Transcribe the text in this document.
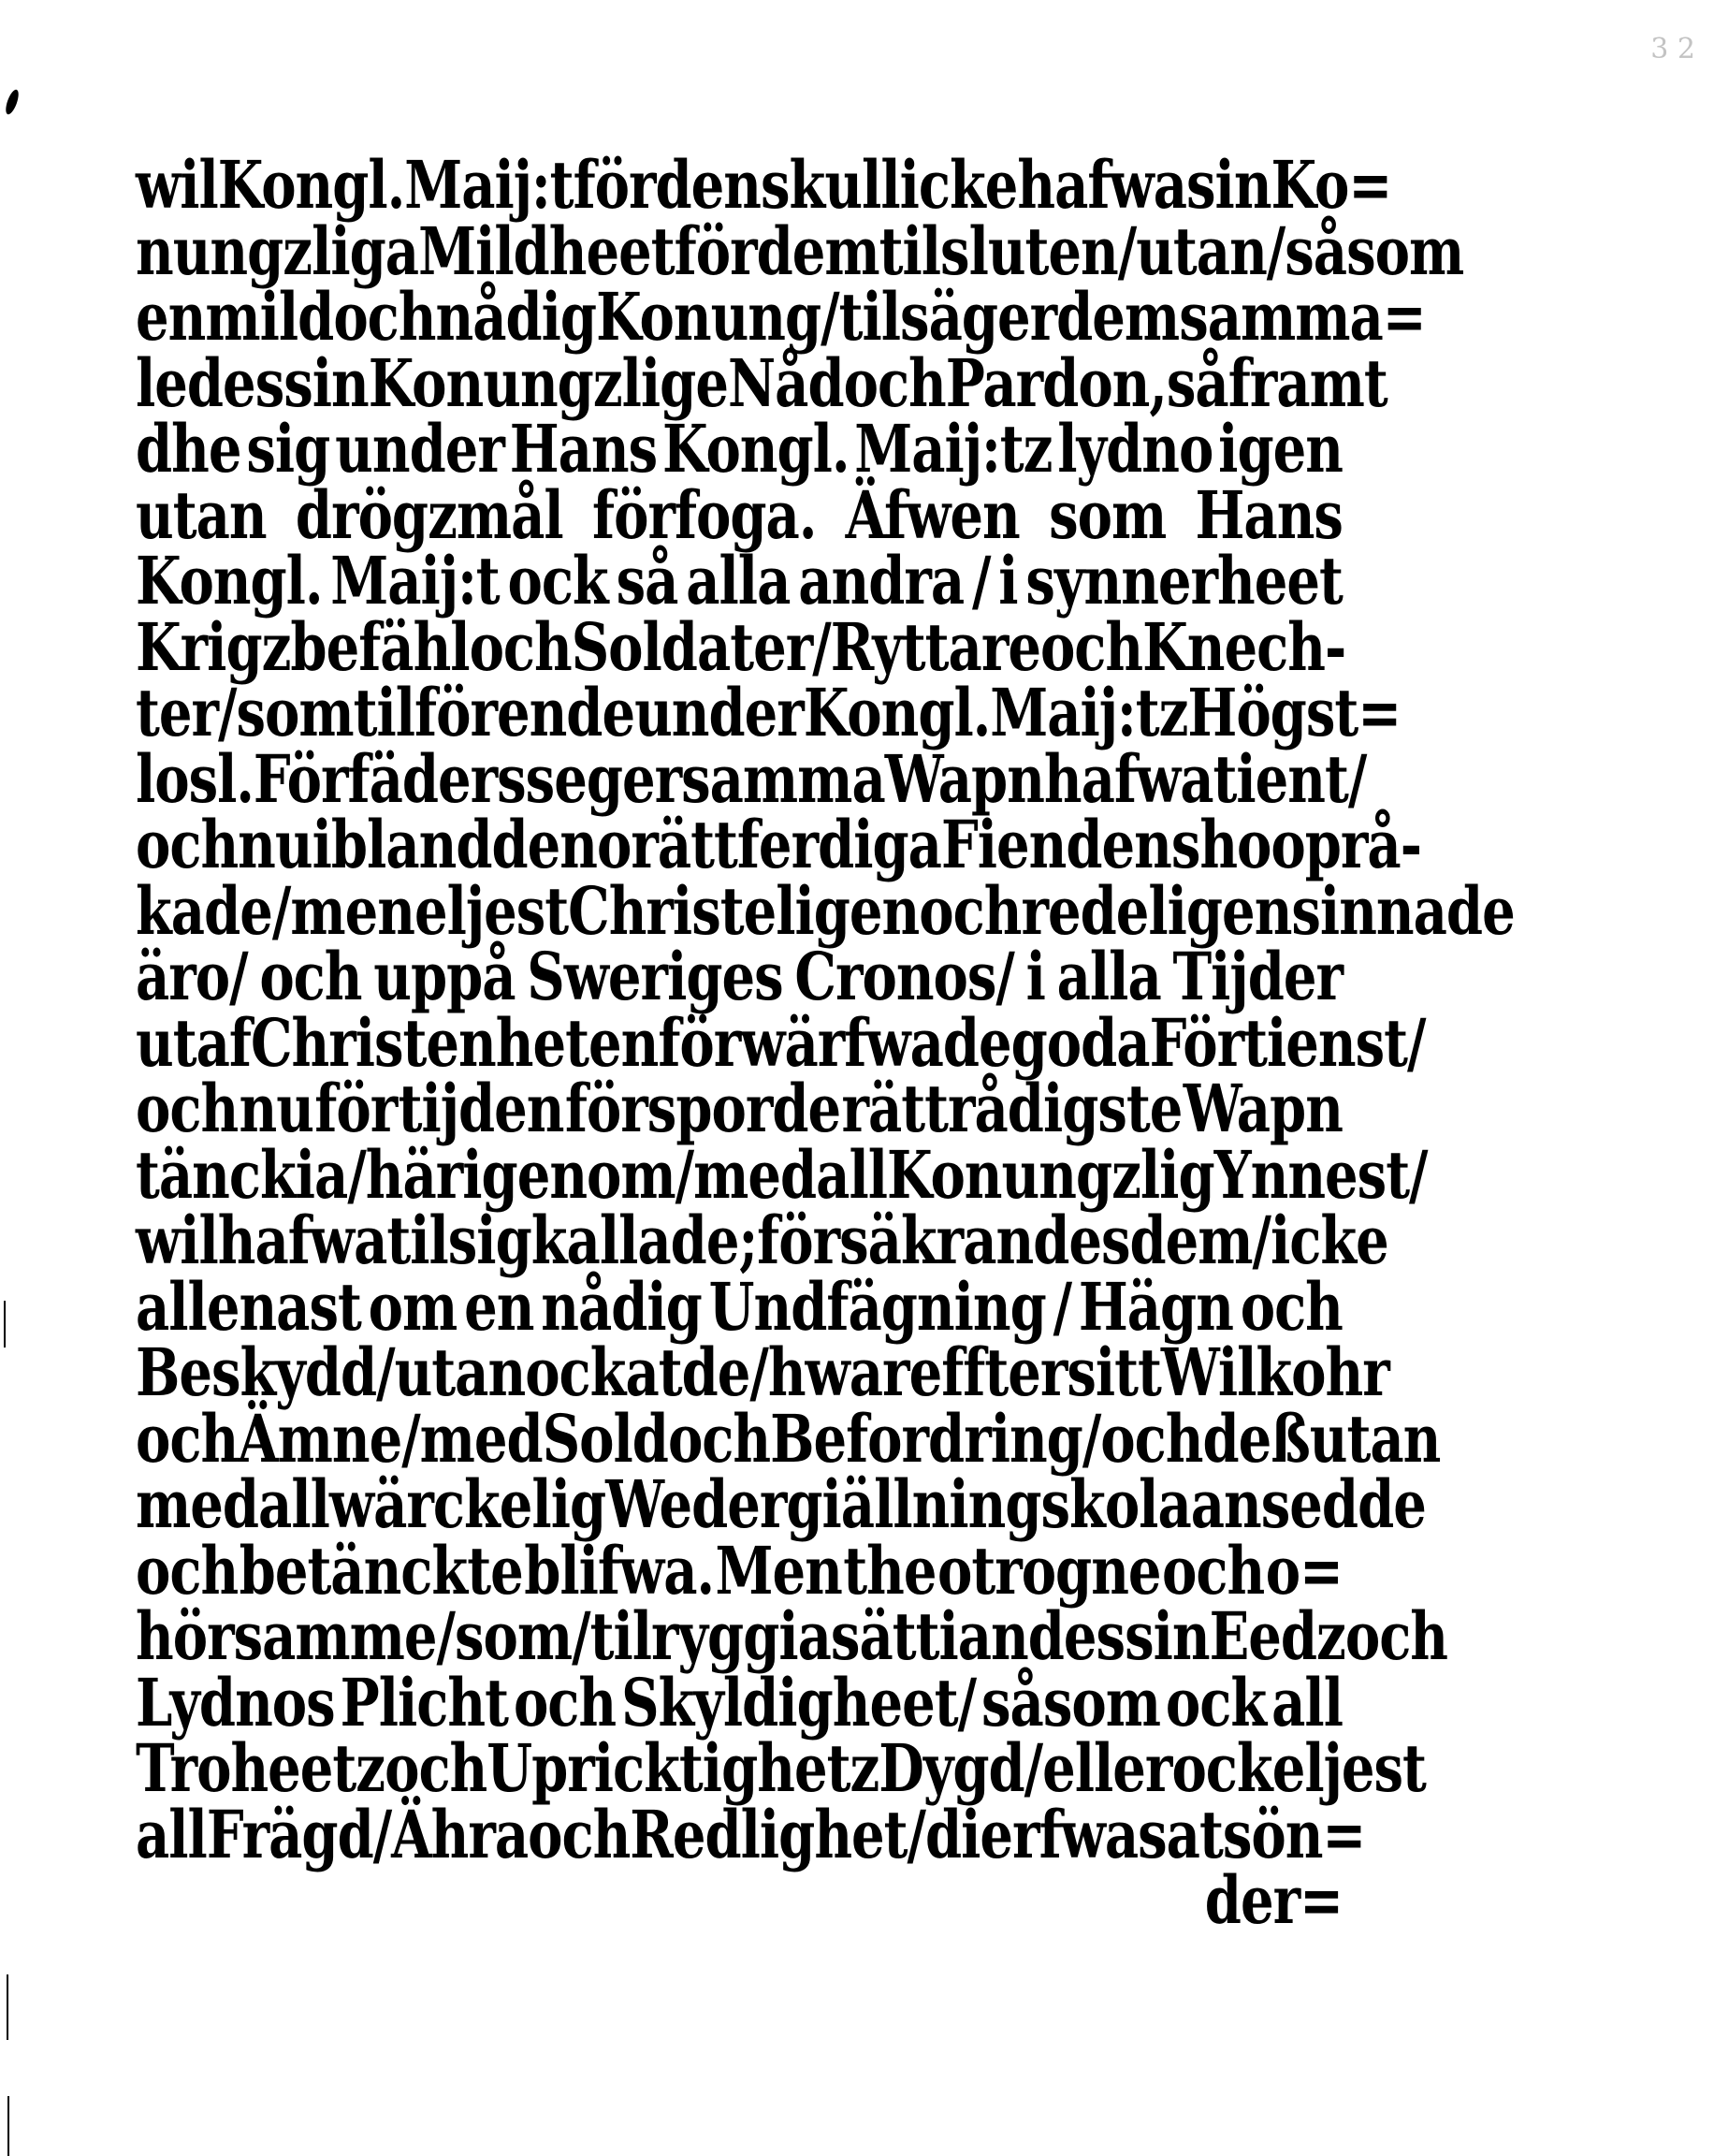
3 2
wil Kongl. Maij:t fördenskull icke hafwa sin Ko=
nungzliga Mildheet för dem tilsluten/utan/ såsom
en mild och nådig Konung/ tilsäger dem samma=
ledes sin Konungzlige Nåd och Pardon, så framt
dhe sig under Hans Kongl. Maij:tz lydno igen
utan drögzmål förfoga. Äfwen som Hans
Kongl. Maij:t ock så alla andra / i synnerheet
Krigzbefähl och Soldater / Ryttare och Knech-
ter/ som tilförende under Kongl. Maij:tz Högst=
losl. Förfäders segersamma Wapn hafwa tient/
och nu ibland den orättferdiga Fiendens hoop rå-
kade/ men eljest Christeligen och redeligen sinnade
äro/ och uppå Sweriges Cronos/ i alla Tijder
utaf Christenheten förwärfwade goda Förtienst/
och nu för tijden försporde rättrådigste Wapn
tänckia/ härigenom / med all Konungzlig Ynnest/
wil hafwa til sig kallade; försäkrandes dem/ icke
allenast om en nådig Undfägning / Hägn och
Beskydd/ utan ock at de/ hwar effter sitt Wilkohr
och Ämne/ med Sold och Befordring/ och deßutan
med all wärckelig Wedergiällning skola ansedde
och betänckte blifwa. Men the otrogne och o=
hörsamme/ som/ til ryggia sättiandes sin Eedz och
Lydnos Plicht och Skyldigheet/ såsom ock all
Troheetz och Upricktighetz Dygd/ eller ock eljest
all Frägd/ Ähra och Redlighet/ dierfwas at sön=
der=
